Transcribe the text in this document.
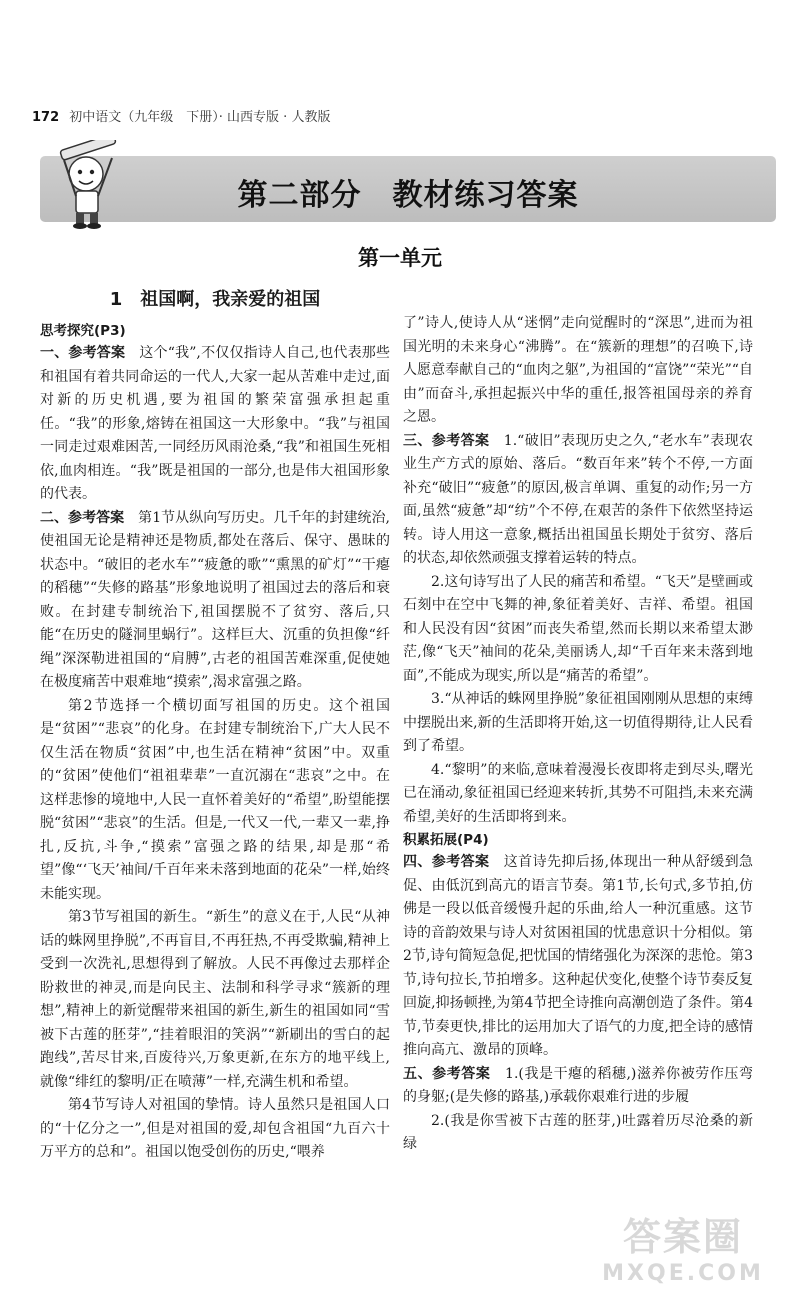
172 初中语文（九年级　下册）· 山西专版 · 人教版
第二部分　教材练习答案
第一单元
1　祖国啊，我亲爱的祖国
思考探究(P3)

一、参考答案　这个“我”,不仅仅指诗人自己,也代表那些和祖国有着共同命运的一代人,大家一起从苦难中走过,面对新的历史机遇,要为祖国的繁荣富强承担起重任。“我”的形象,熔铸在祖国这一大形象中。“我”与祖国一同走过艰难困苦,一同经历风雨沧桑,“我”和祖国生死相依,血肉相连。“我”既是祖国的一部分,也是伟大祖国形象的代表。

二、参考答案　第1节从纵向写历史。几千年的封建统治,使祖国无论是精神还是物质,都处在落后、保守、愚昧的状态中。“破旧的老水车”“疲惫的歌”“熏黑的矿灯”“干瘪的稻穗”“失修的路基”形象地说明了祖国过去的落后和衰败。在封建专制统治下,祖国摆脱不了贫穷、落后,只能“在历史的隧洞里蜗行”。这样巨大、沉重的负担像“纤绳”深深勒进祖国的“肩膊”,古老的祖国苦难深重,促使她在极度痛苦中艰难地“摸索”,渴求富强之路。

第2节选择一个横切面写祖国的历史。这个祖国是“贫困”“悲哀”的化身。在封建专制统治下,广大人民不仅生活在物质“贫困”中,也生活在精神“贫困”中。双重的“贫困”使他们“祖祖辈辈”一直沉溺在“悲哀”之中。在这样悲惨的境地中,人民一直怀着美好的“希望”,盼望能摆脱“贫困”“悲哀”的生活。但是,一代又一代,一辈又一辈,挣扎,反抗,斗争,“摸索”富强之路的结果,却是那“希望”像“‘飞天’袖间/千百年来未落到地面的花朵”一样,始终未能实现。

第3节写祖国的新生。“新生”的意义在于,人民“从神话的蛛网里挣脱”,不再盲目,不再狂热,不再受欺骗,精神上受到一次洗礼,思想得到了解放。人民不再像过去那样企盼救世的神灵,而是向民主、法制和科学寻求“簇新的理想”,精神上的新觉醒带来祖国的新生,新生的祖国如同“雪被下古莲的胚芽”,“挂着眼泪的笑涡”“新刷出的雪白的起跑线”,苦尽甘来,百废待兴,万象更新,在东方的地平线上,就像“绯红的黎明/正在喷薄”一样,充满生机和希望。

第4节写诗人对祖国的挚情。诗人虽然只是祖国人口的“十亿分之一”,但是对祖国的爱,却包含祖国“九百六十万平方的总和”。祖国以饱受创伤的历史,“喂养

了”诗人,使诗人从“迷惘”走向觉醒时的“深思”,进而为祖国光明的未来身心“沸腾”。在“簇新的理想”的召唤下,诗人愿意奉献自己的“血肉之躯”,为祖国的“富饶”“荣光”“自由”而奋斗,承担起振兴中华的重任,报答祖国母亲的养育之恩。

三、参考答案　1.“破旧”表现历史之久,“老水车”表现农业生产方式的原始、落后。“数百年来”转个不停,一方面补充“破旧”“疲惫”的原因,极言单调、重复的动作;另一方面,虽然“疲惫”却“纺”个不停,在艰苦的条件下依然坚持运转。诗人用这一意象,概括出祖国虽长期处于贫穷、落后的状态,却依然顽强支撑着运转的特点。

2.这句诗写出了人民的痛苦和希望。“飞天”是壁画或石刻中在空中飞舞的神,象征着美好、吉祥、希望。祖国和人民没有因“贫困”而丧失希望,然而长期以来希望太渺茫,像“飞天”袖间的花朵,美丽诱人,却“千百年来未落到地面”,不能成为现实,所以是“痛苦的希望”。

3.“从神话的蛛网里挣脱”象征祖国刚刚从思想的束缚中摆脱出来,新的生活即将开始,这一切值得期待,让人民看到了希望。

4.“黎明”的来临,意味着漫漫长夜即将走到尽头,曙光已在涌动,象征祖国已经迎来转折,其势不可阻挡,未来充满希望,美好的生活即将到来。

积累拓展(P4)

四、参考答案　这首诗先抑后扬,体现出一种从舒缓到急促、由低沉到高亢的语言节奏。第1节,长句式,多节拍,仿佛是一段以低音缓慢升起的乐曲,给人一种沉重感。这节诗的音韵效果与诗人对贫困祖国的忧患意识十分相似。第2节,诗句简短急促,把忧国的情绪强化为深深的悲怆。第3节,诗句拉长,节拍增多。这种起伏变化,使整个诗节奏反复回旋,抑扬顿挫,为第4节把全诗推向高潮创造了条件。第4节,节奏更快,排比的运用加大了语气的力度,把全诗的感情推向高亢、激昂的顶峰。

五、参考答案　1.(我是干瘪的稻穗,)滋养你被劳作压弯的身躯;(是失修的路基,)承载你艰难行进的步履

2.(我是你雪被下古莲的胚芽,)吐露着历尽沧桑的新绿

答案圈
MXQE.COM
